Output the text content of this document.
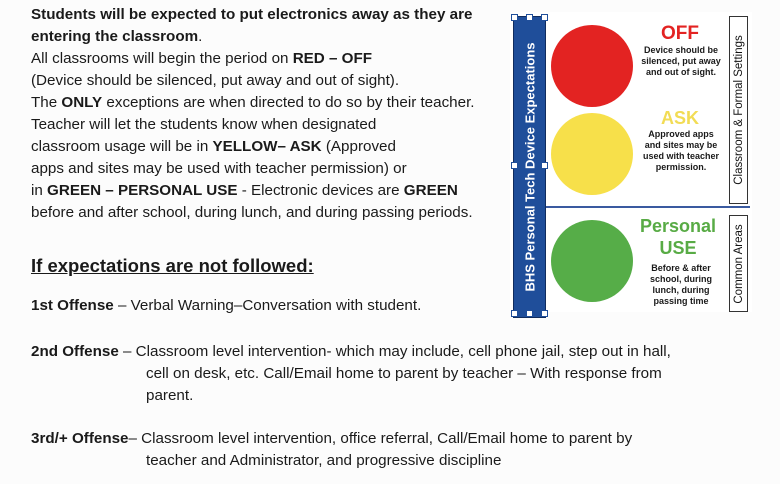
Students will be expected to put electronics away as they are
entering the classroom.
All classrooms will begin the period on RED – OFF
(Device should be silenced, put away and out of sight).
The ONLY exceptions are when directed to do so by their teacher.
Teacher will let the students know when designated
classroom usage will be in YELLOW– ASK (Approved
apps and sites may be used with teacher permission) or
in GREEN – PERSONAL USE - Electronic devices are GREEN
before and after school, during lunch, and during passing periods.
If expectations are not followed:
1st Offense – Verbal Warning–Conversation with student.
2nd Offense – Classroom level intervention- which may include, cell phone jail, step out in hall,
cell on desk, etc. Call/Email home to parent by teacher – With response from
parent.
3rd/+ Offense– Classroom level intervention, office referral, Call/Email home to parent by
teacher and Administrator, and progressive discipline
BHS Personal Tech Device Expectations
OFF
Device should be
silenced, put away
and out of sight.
ASK
Approved apps
and sites may be
used with teacher
permission.
Personal
USE
Before & after
school, during
lunch, during
passing time
Classroom & Formal Settings
Common Areas
